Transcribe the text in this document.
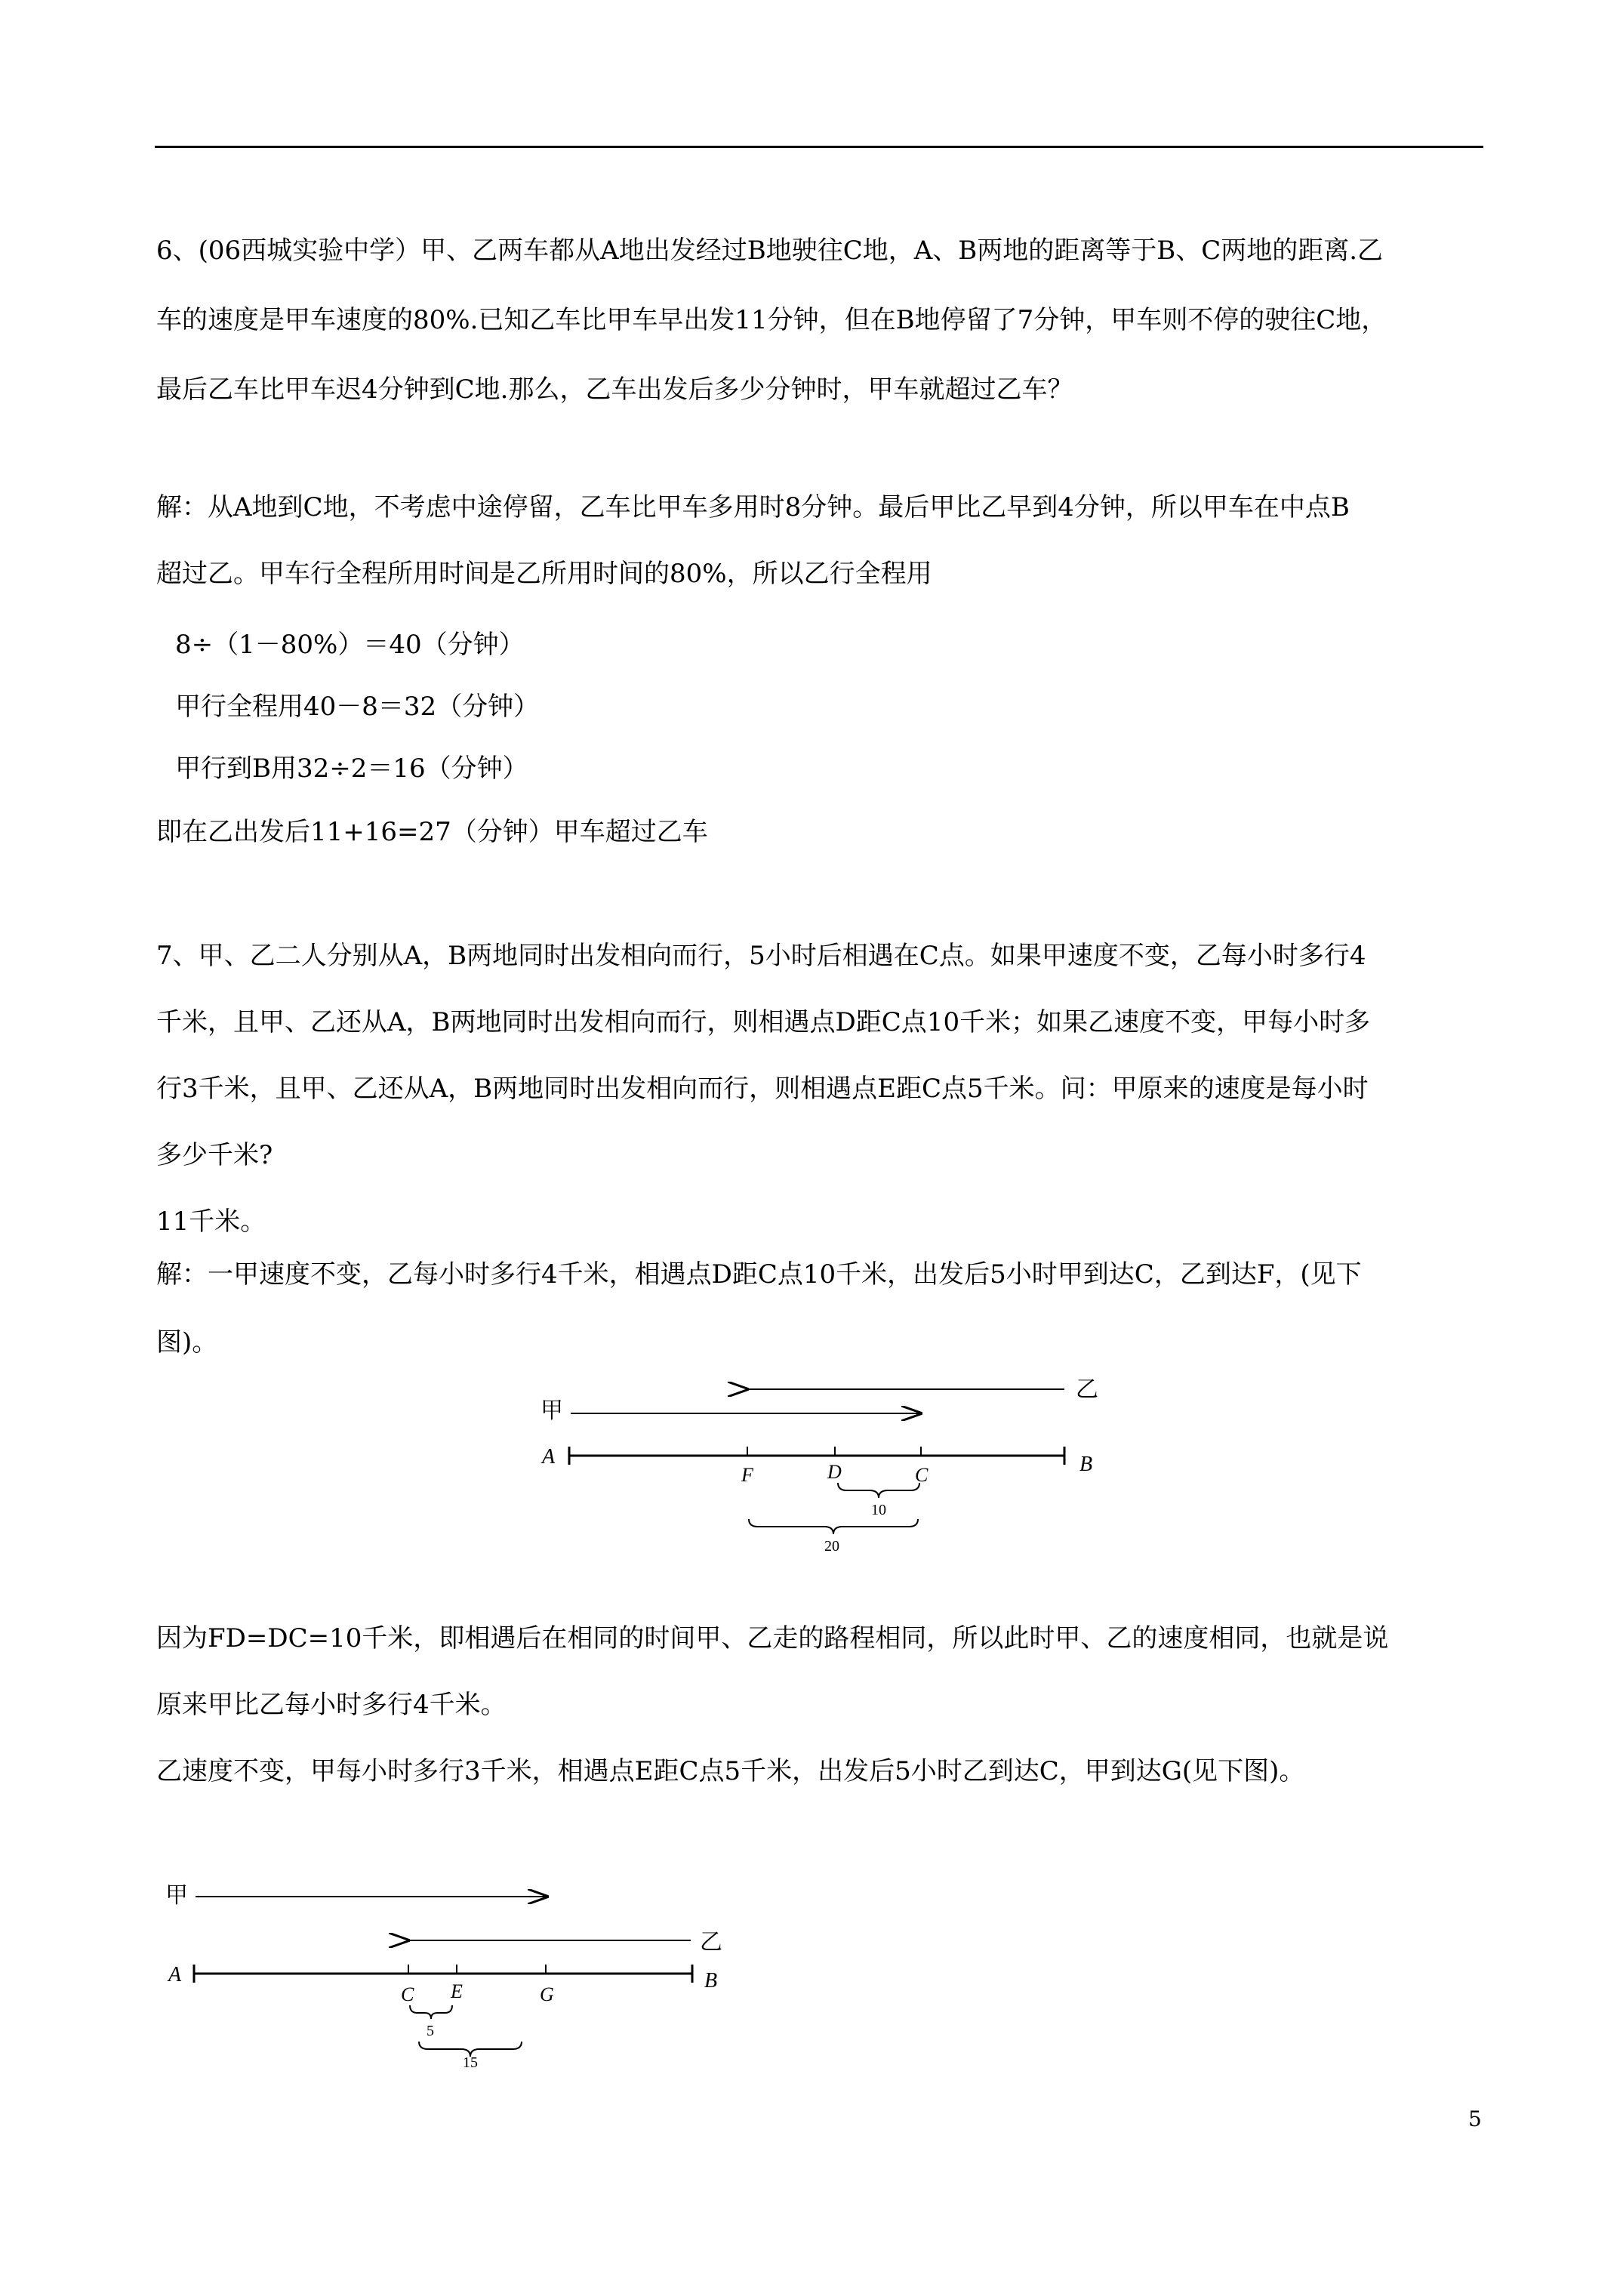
6、(06西城实验中学）甲、乙两车都从A地出发经过B地驶往C地，A、B两地的距离等于B、C两地的距离.乙
车的速度是甲车速度的80%.已知乙车比甲车早出发11分钟，但在B地停留了7分钟，甲车则不停的驶往C地，
最后乙车比甲车迟4分钟到C地.那么，乙车出发后多少分钟时，甲车就超过乙车？

解：从A地到C地，不考虑中途停留，乙车比甲车多用时8分钟。最后甲比乙早到4分钟，所以甲车在中点B
超过乙。甲车行全程所用时间是乙所用时间的80%，所以乙行全程用

8÷（1－80%）＝40（分钟）
甲行全程用40－8＝32（分钟）
甲行到B用32÷2＝16（分钟）
即在乙出发后11+16=27（分钟）甲车超过乙车

7、甲、乙二人分别从A，B两地同时出发相向而行，5小时后相遇在C点。如果甲速度不变，乙每小时多行4
千米，且甲、乙还从A，B两地同时出发相向而行，则相遇点D距C点10千米；如果乙速度不变，甲每小时多
行3千米，且甲、乙还从A，B两地同时出发相向而行，则相遇点E距C点5千米。问：甲原来的速度是每小时
多少千米?

11千米。

解：一甲速度不变，乙每小时多行4千米，相遇点D距C点10千米，出发后5小时甲到达C，乙到达F，(见下
图)。

乙
甲
A	B
F	D	C
10
20

因为FD=DC=10千米，即相遇后在相同的时间甲、乙走的路程相同，所以此时甲、乙的速度相同，也就是说
原来甲比乙每小时多行4千米。

乙速度不变，甲每小时多行3千米，相遇点E距C点5千米，出发后5小时乙到达C，甲到达G(见下图)。
甲
乙
A	B
C E	G
5
15
5
